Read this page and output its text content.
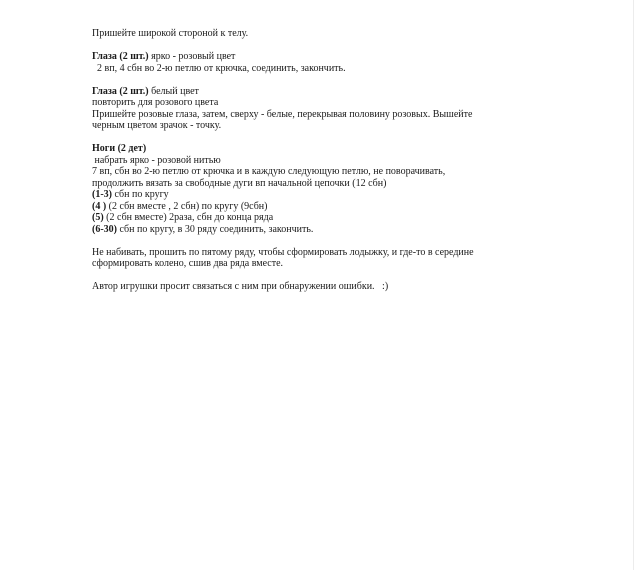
Пришейте широкой стороной к телу.
Глаза (2 шт.) ярко - розовый цвет
2 вп, 4 сбн во 2-ю петлю от крючка, соединить, закончить.
Глаза (2 шт.) белый цвет
повторить для розового цвета
Пришейте розовые глаза, затем, сверху - белые, перекрывая половину розовых. Вышейте
черным цветом зрачок - точку.
Ноги (2 дет)
набрать ярко - розовой нитью
7 вп, сбн во 2-ю петлю от крючка и в каждую следующую петлю, не поворачивать,
продолжить вязать за свободные дуги вп начальной цепочки (12 сбн)
(1-3) сбн по кругу
(4 ) (2 сбн вместе , 2 сбн) по кругу (9сбн)
(5) (2 сбн вместе) 2раза, сбн до конца ряда
(6-30) сбн по кругу, в 30 ряду соединить, закончить.
Не набивать, прошить по пятому ряду, чтобы сформировать лодыжку, и где-то в середине
сформировать колено, сшив два ряда вместе.
Автор игрушки просит связаться с ним при обнаружении ошибки.   :)
